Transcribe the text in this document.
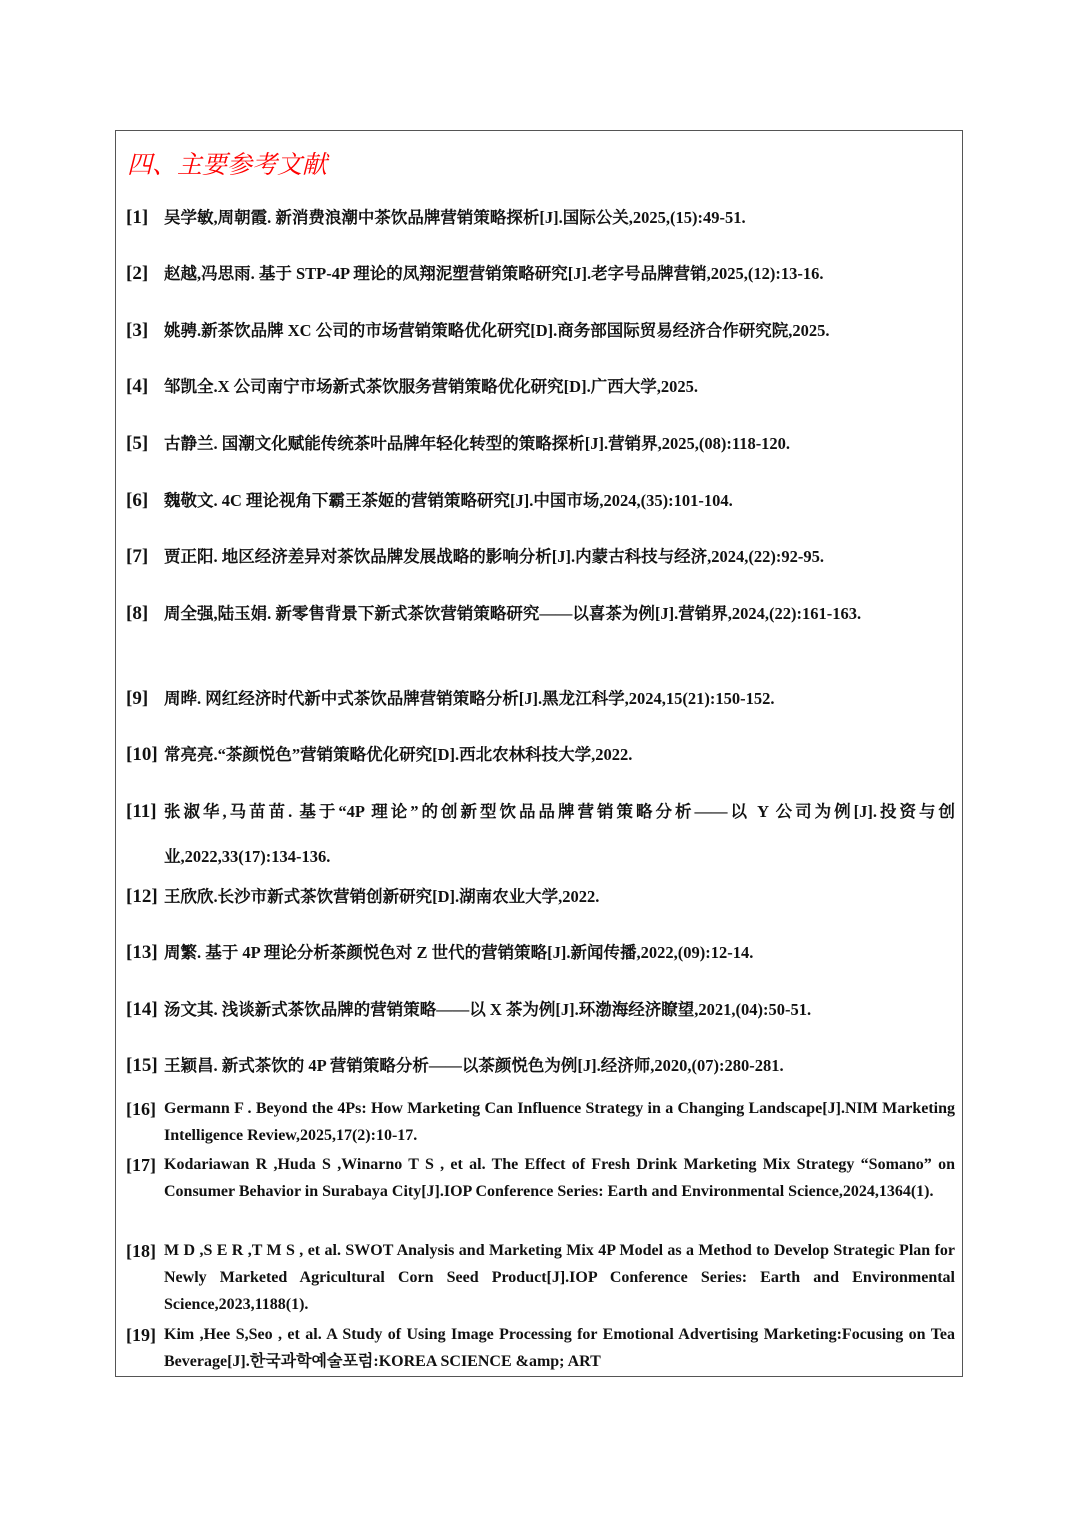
四、主要参考文献
[1] 吴学敏,周朝霞. 新消费浪潮中茶饮品牌营销策略探析[J].国际公关,2025,(15):49-51.
[2] 赵越,冯思雨. 基于 STP-4P 理论的凤翔泥塑营销策略研究[J].老字号品牌营销,2025,(12):13-16.
[3] 姚骋.新茶饮品牌 XC 公司的市场营销策略优化研究[D].商务部国际贸易经济合作研究院,2025.
[4] 邹凯全.X 公司南宁市场新式茶饮服务营销策略优化研究[D].广西大学,2025.
[5] 古静兰. 国潮文化赋能传统茶叶品牌年轻化转型的策略探析[J].营销界,2025,(08):118-120.
[6] 魏敬文. 4C 理论视角下霸王茶姬的营销策略研究[J].中国市场,2024,(35):101-104.
[7] 贾正阳. 地区经济差异对茶饮品牌发展战略的影响分析[J].内蒙古科技与经济,2024,(22):92-95.
[8] 周全强,陆玉娟. 新零售背景下新式茶饮营销策略研究——以喜茶为例[J].营销界,2024,(22):161-163.
[9] 周晔. 网红经济时代新中式茶饮品牌营销策略分析[J].黑龙江科学,2024,15(21):150-152.
[10] 常亮亮.“茶颜悦色”营销策略优化研究[D].西北农林科技大学,2022.
[11] 张淑华,马苗苗. 基于“4P 理论”的创新型饮品品牌营销策略分析——以 Y 公司为例[J].投资与创业,2022,33(17):134-136.
[12] 王欣欣.长沙市新式茶饮营销创新研究[D].湖南农业大学,2022.
[13] 周繁. 基于 4P 理论分析茶颜悦色对 Z 世代的营销策略[J].新闻传播,2022,(09):12-14.
[14] 汤文其. 浅谈新式茶饮品牌的营销策略——以 X 茶为例[J].环渤海经济瞭望,2021,(04):50-51.
[15] 王颖昌. 新式茶饮的 4P 营销策略分析——以茶颜悦色为例[J].经济师,2020,(07):280-281.
[16] Germann F . Beyond the 4Ps: How Marketing Can Influence Strategy in a Changing Landscape[J].NIM Marketing Intelligence Review,2025,17(2):10-17.
[17] Kodariawan R ,Huda S ,Winarno T S , et al. The Effect of Fresh Drink Marketing Mix Strategy “Somano” on Consumer Behavior in Surabaya City[J].IOP Conference Series: Earth and Environmental Science,2024,1364(1).
[18] M D ,S E R ,T M S , et al. SWOT Analysis and Marketing Mix 4P Model as a Method to Develop Strategic Plan for Newly Marketed Agricultural Corn Seed Product[J].IOP Conference Series: Earth and Environmental Science,2023,1188(1).
[19] Kim ,Hee S,Seo , et al. A Study of Using Image Processing for Emotional Advertising Marketing:Focusing on Tea Beverage[J].한국과학예술포럼:KOREA SCIENCE &amp; ART
